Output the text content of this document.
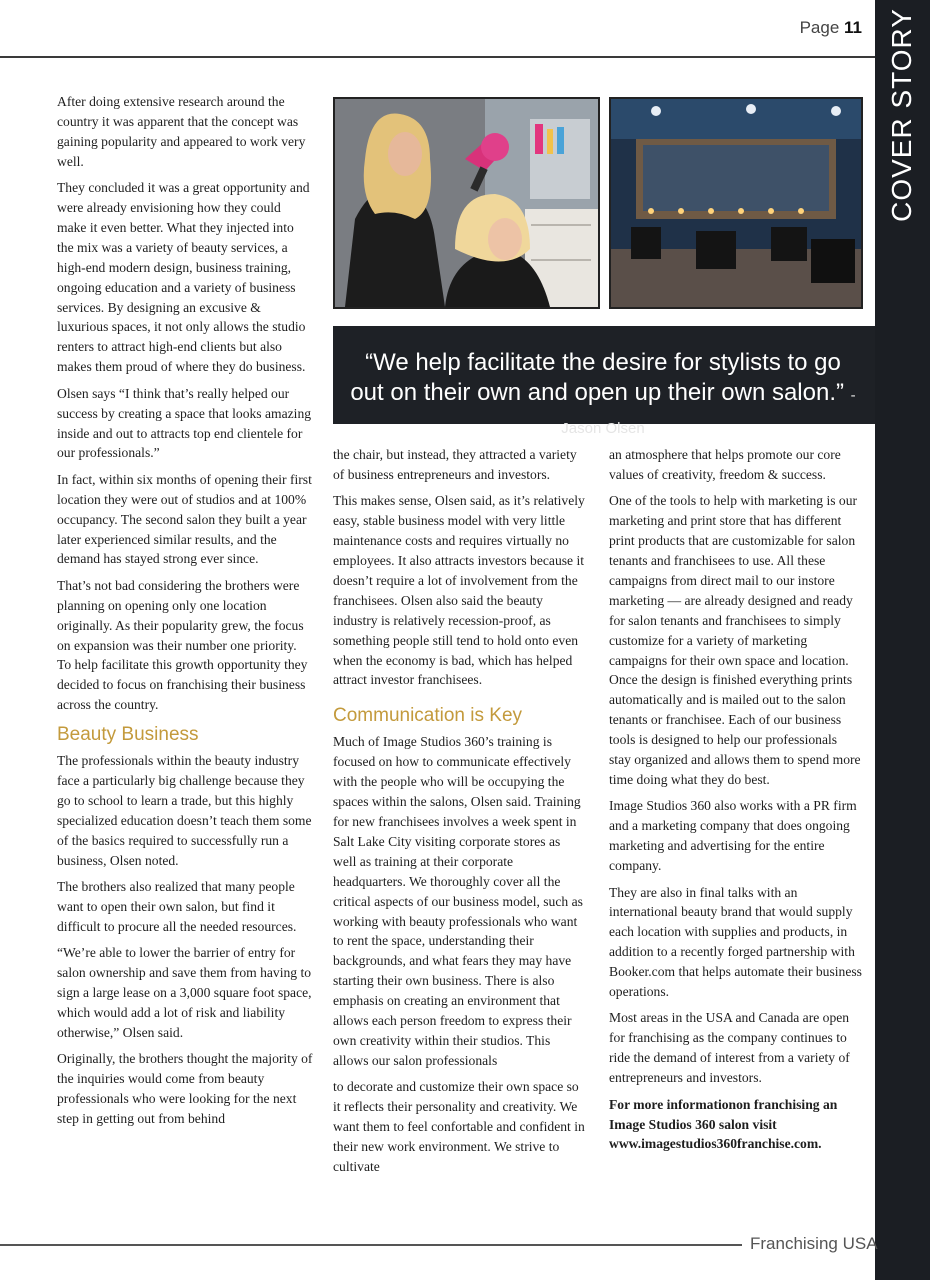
Page 11 COVER STORY
“We help facilitate the desire for stylists to go out on their own and open up their own salon.” - Jason Olsen

After doing extensive research around the country it was apparent that the concept was gaining popularity and appeared to work very well.

They concluded it was a great opportunity and were already envisioning how they could make it even better. What they injected into the mix was a variety of beauty services, a high-end modern design, business training, ongoing education and a variety of business services. By designing an excusive & luxurious spaces, it not only allows the studio renters to attract high-end clients but also makes them proud of where they do business.

Olsen says “I think that’s really helped our success by creating a space that looks amazing inside and out to attracts top end clientele for our professionals.”

In fact, within six months of opening their first location they were out of studios and at 100% occupancy. The second salon they built a year later experienced similar results, and the demand has stayed strong ever since.

That’s not bad considering the brothers were planning on opening only one location originally. As their popularity grew, the focus on expansion was their number one priority. To help facilitate this growth opportunity they decided to focus on franchising their business across the country.

Beauty Business

The professionals within the beauty industry face a particularly big challenge because they go to school to learn a trade, but this highly specialized education doesn’t teach them some of the basics required to successfully run a business, Olsen noted.

The brothers also realized that many people want to open their own salon, but find it difficult to procure all the needed resources.

“We’re able to lower the barrier of entry for salon ownership and save them from having to sign a large lease on a 3,000 square foot space, which would add a lot of risk and liability otherwise,” Olsen said.

Originally, the brothers thought the majority of the inquiries would come from beauty professionals who were looking for the next step in getting out from behind

the chair, but instead, they attracted a variety of business entrepreneurs and investors.

This makes sense, Olsen said, as it’s relatively easy, stable business model with very little maintenance costs and requires virtually no employees. It also attracts investors because it doesn’t require a lot of involvement from the franchisees. Olsen also said the beauty industry is relatively recession-proof, as something people still tend to hold onto even when the economy is bad, which has helped attract investor franchisees.

Communication is Key

Much of Image Studios 360’s training is focused on how to communicate effectively with the people who will be occupying the spaces within the salons, Olsen said. Training for new franchisees involves a week spent in Salt Lake City visiting corporate stores as well as training at their corporate headquarters. We thoroughly cover all the critical aspects of our business model, such as working with beauty professionals who want to rent the space, understanding their backgrounds, and what fears they may have starting their own business. There is also emphasis on creating an environment that allows each person freedom to express their own creativity within their studios. This allows our salon professionals

to decorate and customize their own space so it reflects their personality and creativity. We want them to feel confortable and confident in their new work environment. We strive to cultivate

an atmosphere that helps promote our core values of creativity, freedom & success.

One of the tools to help with marketing is our marketing and print store that has different print products that are customizable for salon tenants and franchisees to use. All these campaigns from direct mail to our instore marketing — are already designed and ready for salon tenants and franchisees to simply customize for a variety of marketing campaigns for their own space and location. Once the design is finished everything prints automatically and is mailed out to the salon tenants or franchisee. Each of our business tools is designed to help our professionals stay organized and allows them to spend more time doing what they do best.

Image Studios 360 also works with a PR firm and a marketing company that does ongoing marketing and advertising for the entire company.

They are also in final talks with an international beauty brand that would supply each location with supplies and products, in addition to a recently forged partnership with Booker.com that helps automate their business operations.

Most areas in the USA and Canada are open for franchising as the company continues to ride the demand of interest from a variety of entrepreneurs and investors.

For more informationon franchising an Image Studios 360 salon visit www.imagestudios360franchise.com.

Franchising USA
